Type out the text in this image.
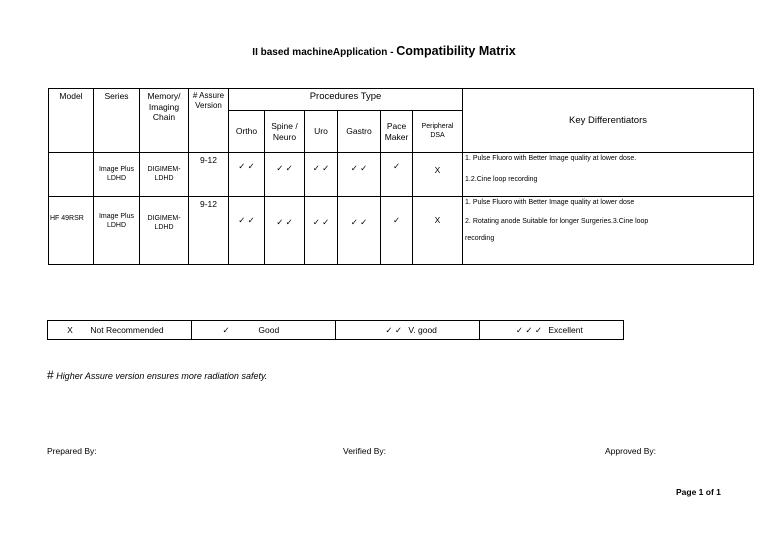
II based machineApplication - Compatibility Matrix
Model	Series	Memory/ Imaging Chain	# Assure Version	Procedures Type						Key Differentiators
				Ortho	Spine / Neuro	Uro	Gastro	Pace Maker	Peripheral DSA	
	Image Plus LDHD	DIGIMEM-LDHD	9-12	✓ ✓	✓ ✓	✓ ✓	✓ ✓	✓	X	1. Pulse Fluoro with Better Image quality at lower dose.
1.2.Cine loop recording

HF 49RSR	Image Plus LDHD	DIGIMEM-LDHD	9-12	✓ ✓	✓ ✓	✓ ✓	✓ ✓	✓	X	1. Pulse Fluoro with Better Image quality at lower dose
2. Rotating anode Suitable for longer Surgeries.3.Cine loop
recording
X Not Recommended	✓	Good	✓ ✓ V. good	✓ ✓ ✓ Excellent
# Higher Assure version ensures more radiation safety.
Prepared By:	Verified By:	Approved By:
Page 1 of 1
